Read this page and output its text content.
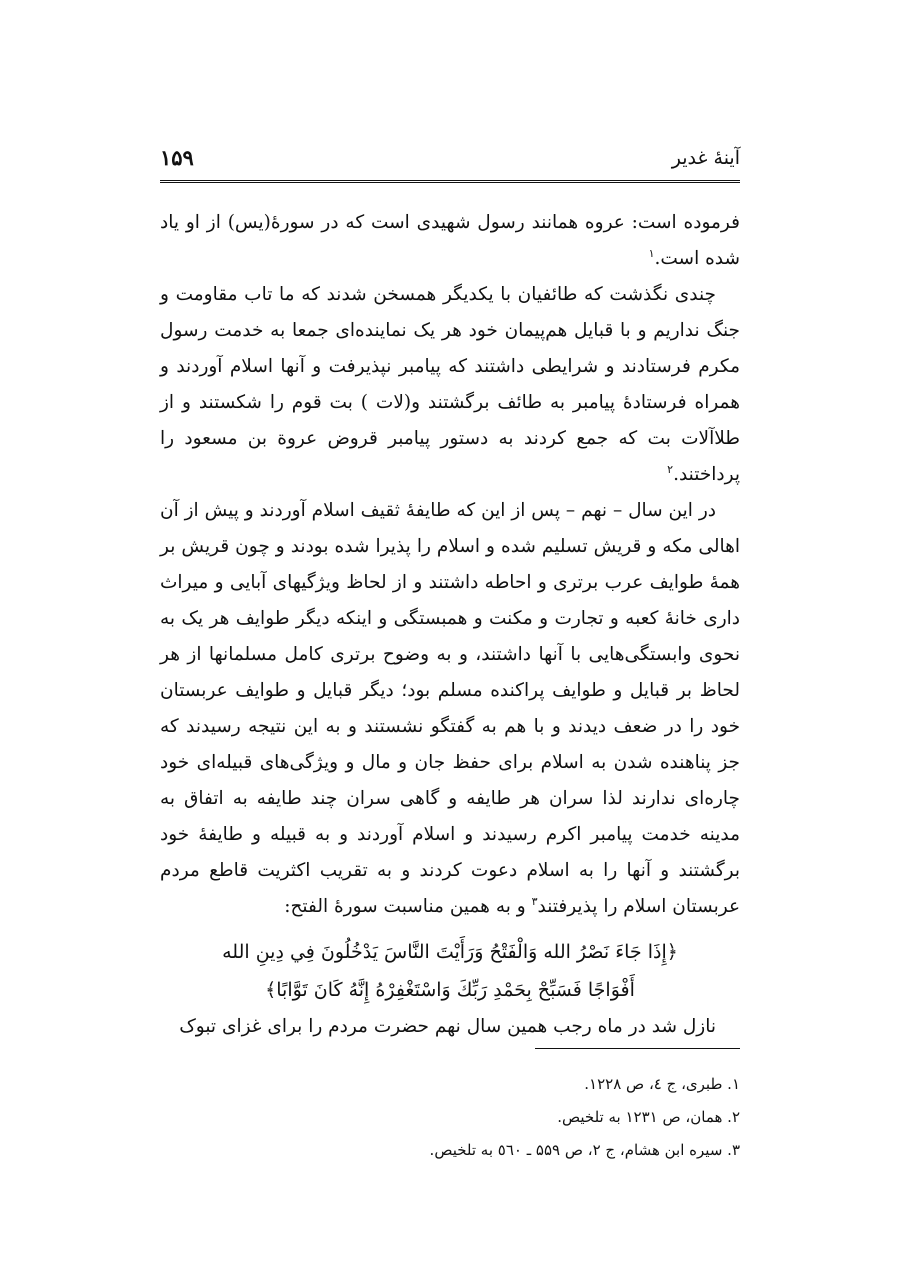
آینهٔ غدیر
۱۵۹

فرموده است: عروه همانند رسول شهیدی است که در سورهٔ(یس) از او یاد شده است.$^۱$

چندی نگذشت که طائفیان با یکدیگر همسخن شدند که ما تاب مقاومت و جنگ نداریم و با قبایل هم‌پیمان خود هر یک نماینده‌ای جمعا به خدمت رسول مکرم فرستادند و شرایطی داشتند که پیامبر نپذیرفت و آنها اسلام آوردند و همراه فرستادهٔ پیامبر به طائف برگشتند و(لات ) بت قوم را شکستند و از طلاآلات بت که جمع کردند به دستور پیامبر قروض عروة بن مسعود را پرداختند.$^۲$

در این سال – نهم – پس از این که طایفهٔ ثقیف اسلام آوردند و پیش از آن اهالی مکه و قریش تسلیم شده و اسلام را پذیرا شده بودند و چون قریش بر همهٔ طوایف عرب برتری و احاطه داشتند و از لحاظ ویژگیهای آبایی و میراث داری خانهٔ کعبه و تجارت و مکنت و همبستگی و اینکه دیگر طوایف هر یک به نحوی وابستگی‌هایی با آنها داشتند، و به وضوح برتری کامل مسلمانها از هر لحاظ بر قبایل و طوایف پراکنده مسلم بود؛ دیگر قبایل و طوایف عربستان خود را در ضعف دیدند و با هم به گفتگو نشستند و به این نتیجه رسیدند که جز پناهنده شدن به اسلام برای حفظ جان و مال و ویژگی‌های قبیله‌ای خود چاره‌ای ندارند لذا سران هر طایفه و گاهی سران چند طایفه به اتفاق به مدینه خدمت پیامبر اکرم رسیدند و اسلام آوردند و به قبیله و طایفهٔ خود برگشتند و آنها را به اسلام دعوت کردند و به تقریب اکثریت قاطع مردم عربستان اسلام را پذیرفتند$^۳$ و به همین مناسبت سورهٔ الفتح:

﴿إِذَا جَاءَ نَصْرُ الله وَالْفَتْحُ وَرَأَيْتَ النَّاسَ يَدْخُلُونَ فِي دِينِ الله
أَفْوَاجًا فَسَبِّحْ بِحَمْدِ رَبِّكَ وَاسْتَغْفِرْهُ إِنَّهُ كَانَ تَوَّابًا﴾

نازل شد در ماه رجب همین سال نهم حضرت مردم را برای غزای تبوک

۱. طبری، ج ٤، ص ۱۲۲۸.
۲. همان، ص ۱۲۳۱ به تلخیص.
۳. سیره ابن هشام، ج ۲، ص ۵۵۹ ـ ٥٦٠ به تلخیص.
